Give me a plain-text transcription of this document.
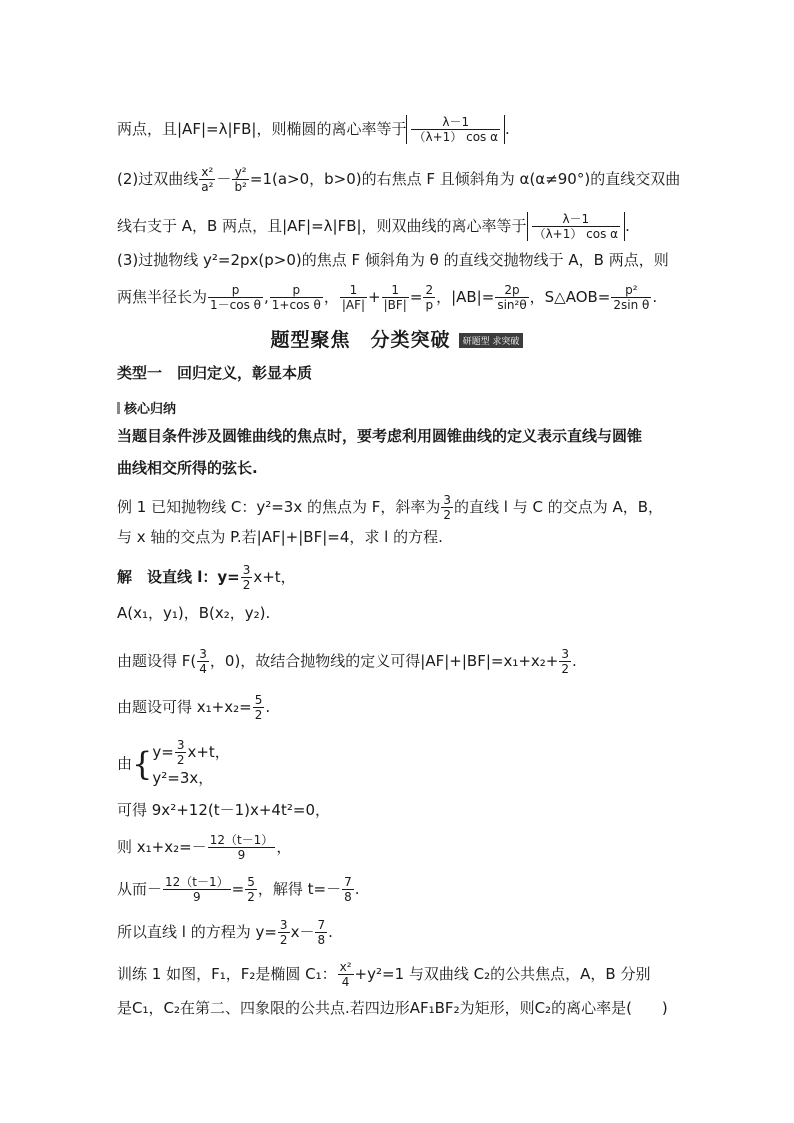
两点，且|AF|=λ|FB|，则椭圆的离心率等于 $\frac{\lambda-1}{\text{（λ+1） cos α}}$ .
(2)过双曲线 $\frac{\text{x²}}{\text{a²}} - \frac{\text{y²}}{\text{b²}} =1(a>0$，b>0)的右焦点 F 且倾斜角为 α(α≠90°)的直线交双曲
线右支于 A，B 两点，且|AF|=λ|FB|，则双曲线的离心率等于 $\frac{\lambda-1}{\text{（λ+1） cos α}}$ .
(3)过抛物线 y²=2px(p>0)的焦点 F 倾斜角为 θ 的直线交抛物线于 A，B 两点，则
两焦半径长为 $\frac{p}{\text{1－cos θ}}$ , $\frac{p}{\text{1+cos θ}}$ ， $\frac{1}{|AF|} + \frac{1}{|BF|} = \frac{2}{p}$ ，$|AB|= \frac{2p}{\text{sin²θ}}$ ，S△AOB= $\frac{\text{p²}}{\text{2sin θ}}$ .
题型聚焦　分类突破 研题型 求突破
类型一　回归定义，彰显本质
核心归纳
当题目条件涉及圆锥曲线的焦点时，要考虑利用圆锥曲线的定义表示直线与圆锥
曲线相交所得的弦长.
例 1 已知抛物线 C：y²=3x 的焦点为 F，斜率为 $\frac{3}{2}$ 的直线 l 与 C 的交点为 A，B，
与 x 轴的交点为 P.若|AF|+|BF|=4，求 l 的方程.
解　设直线 l：$y= \frac{3}{2} x+t$，
A(x₁，y₁)，B(x₂，y₂).
由题设得 $F( \frac{3}{4}$ ，0)，故结合抛物线的定义可得$|AF|+|BF|=x_1+x_2+ \frac{3}{2}$ .
由题设可得 $x_1+x_2= \frac{5}{2}$ .
由{ $y= \frac{3}{2} x+t$，
y²=3x，
可得 9x²+12(t－1)x+4t²=0，
则 $x_1+x_2=- \frac{12(t-1)}{9}$ ，
从而－ $\frac{12(t-1)}{9} = \frac{5}{2}$ ，解得 $t=- \frac{7}{8}$ .
所以直线 l 的方程为 $y= \frac{3}{2} x- \frac{7}{8}$ .
训练 1 如图，F₁，F₂是椭圆 C₁： $\frac{\text{x²}}{4} +y^2=1$ 与双曲线 C₂的公共焦点，A，B 分别
是C₁，C₂在第二、四象限的公共点.若四边形AF₁BF₂为矩形，则C₂的离心率是(　　)
